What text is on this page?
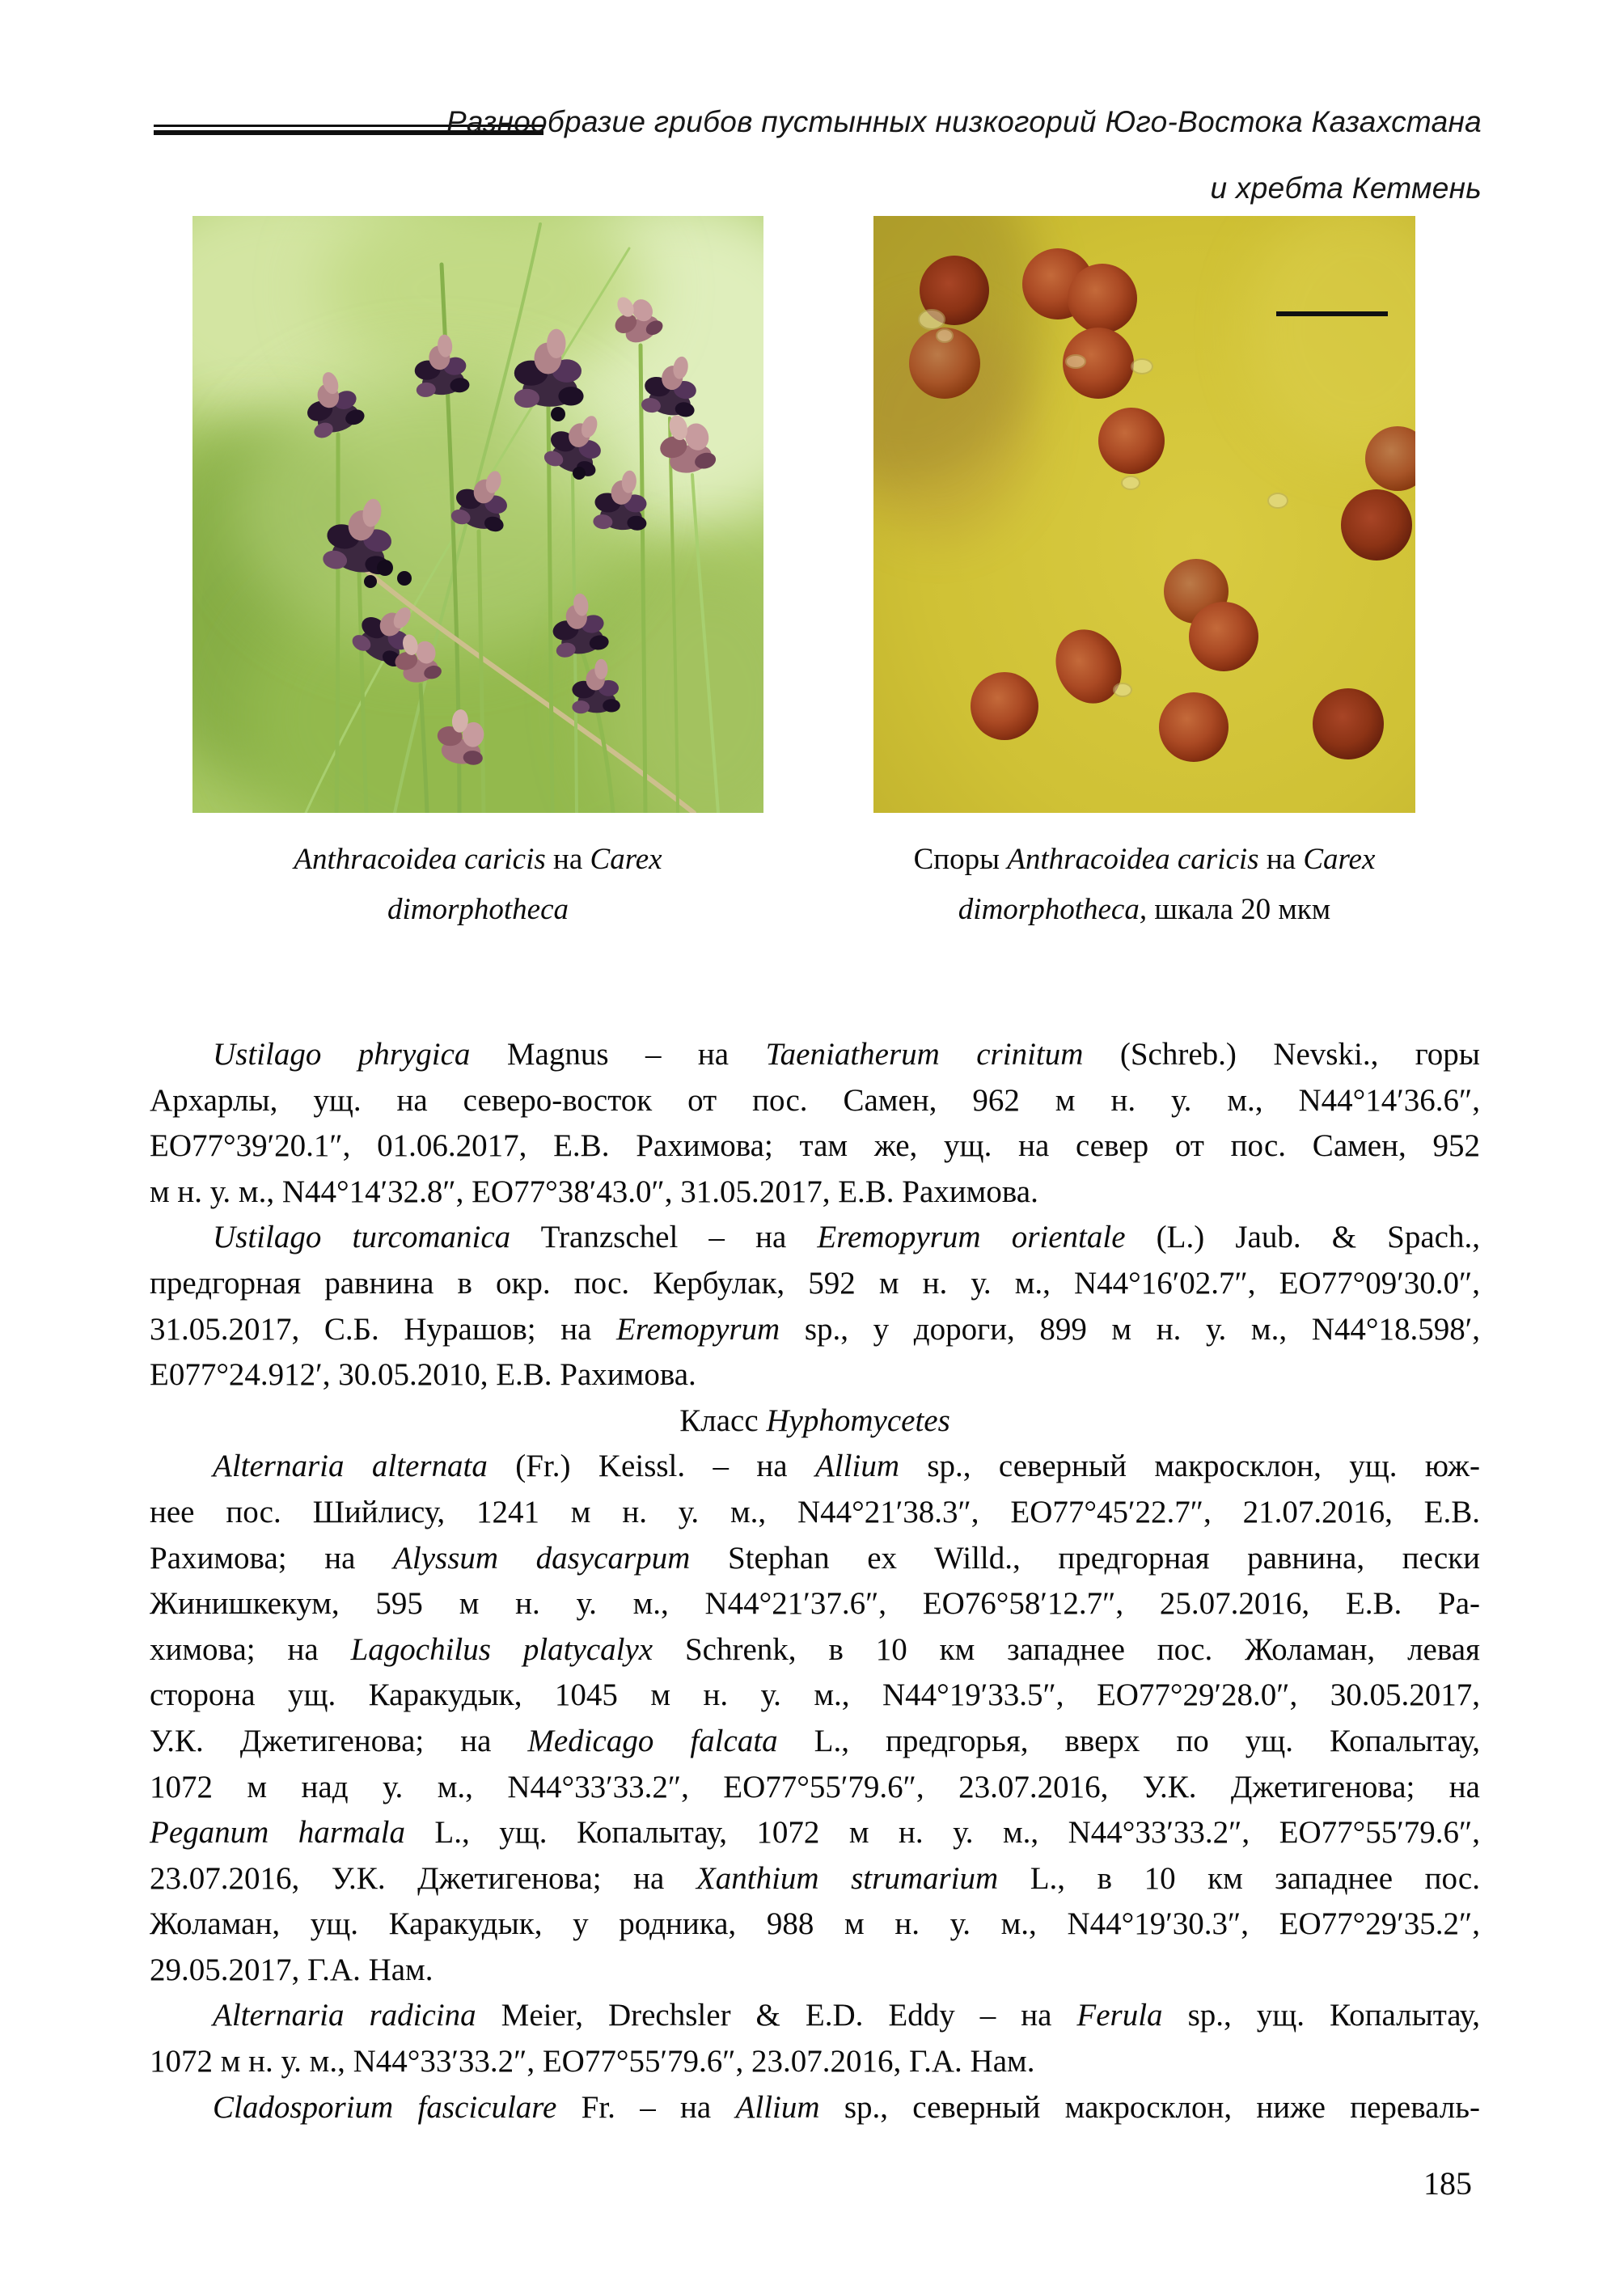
Разнообразие грибов пустынных низкогорий Юго-Востока Казахстана
и хребта Кетмень
Anthracoidea caricis на Carex
dimorphotheca
Споры Anthracoidea caricis на Carex
dimorphotheca, шкала 20 мкм
Ustilago phrygica Magnus – на Taeniatherum crinitum (Schreb.) Nevski., горы
Архарлы, ущ. на северо-восток от пос. Самен, 962 м н. у. м., N44°14′36.6″,
ЕО77°39′20.1″, 01.06.2017, Е.В. Рахимова; там же, ущ. на север от пос. Самен, 952
м н. у. м., N44°14′32.8″, ЕО77°38′43.0″, 31.05.2017, Е.В. Рахимова.
Ustilago turcomanica Tranzschel – на Eremopyrum orientale (L.) Jaub. & Spach.,
предгорная равнина в окр. пос. Кербулак, 592 м н. у. м., N44°16′02.7″, ЕО77°09′30.0″,
31.05.2017, С.Б. Нурашов; на Eremopyrum sp., у дороги, 899 м н. у. м., N44°18.598′,
Е077°24.912′, 30.05.2010, Е.В. Рахимова.
Класс Hyphomycetes
Alternaria alternata (Fr.) Keissl. – на Allium sp., северный макросклон, ущ. юж-
нее пос. Шийлису, 1241 м н. у. м., N44°21′38.3″, ЕО77°45′22.7″, 21.07.2016, Е.В.
Рахимова; на Alyssum dasycarpum Stephan ex Willd., предгорная равнина, пески
Жинишкекум, 595 м н. у. м., N44°21′37.6″, ЕО76°58′12.7″, 25.07.2016, Е.В. Ра-
химова; на Lagochilus platycalyx Schrenk, в 10 км западнее пос. Жоламан, левая
сторона ущ. Каракудык, 1045 м н. у. м., N44°19′33.5″, ЕО77°29′28.0″, 30.05.2017,
У.К. Джетигенова; на Medicago falcata L., предгорья, вверх по ущ. Копалытау,
1072 м над у. м., N44°33′33.2″, ЕО77°55′79.6″, 23.07.2016, У.К. Джетигенова; на
Peganum harmala L., ущ. Копалытау, 1072 м н. у. м., N44°33′33.2″, ЕО77°55′79.6″,
23.07.2016, У.К. Джетигенова; на Xanthium strumarium L., в 10 км западнее пос.
Жоламан, ущ. Каракудык, у родника, 988 м н. у. м., N44°19′30.3″, ЕО77°29′35.2″,
29.05.2017, Г.А. Нам.
Alternaria radicina Meier, Drechsler & E.D. Eddy – на Ferula sp., ущ. Копалытау,
1072 м н. у. м., N44°33′33.2″, ЕО77°55′79.6″, 23.07.2016, Г.А. Нам.
Cladosporium fasciculare Fr. – на Allium sp., северный макросклон, ниже переваль-
185
